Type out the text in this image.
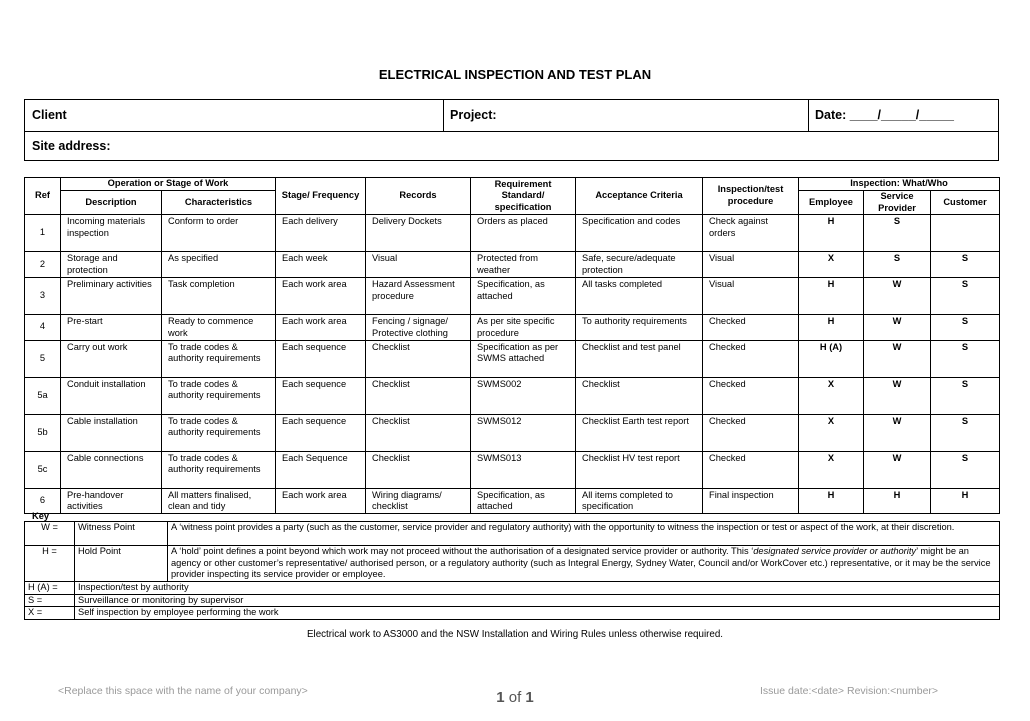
ELECTRICAL INSPECTION AND TEST PLAN
Client	Project:	Date: ____/_____/_____
Site address:
Ref	Operation or Stage of Work		Stage/ Frequency	Records	Requirement Standard/ specification	Acceptance Criteria	Inspection/test procedure	Inspection: What/Who		
	Description	Characteristics						Employee	Service Provider	Customer
1	Incoming materials inspection	Conform to order	Each delivery	Delivery Dockets	Orders as placed	Specification and codes	Check against orders	H	S	
2	Storage and protection	As specified	Each week	Visual	Protected from weather	Safe, secure/adequate protection	Visual	X	S	S
3	Preliminary activities	Task completion	Each work area	Hazard Assessment procedure	Specification, as attached	All tasks completed	Visual	H	W	S
4	Pre-start	Ready to commence work	Each work area	Fencing / signage/ Protective clothing	As per site specific procedure	To authority requirements	Checked	H	W	S
5	Carry out work	To trade codes & authority requirements	Each sequence	Checklist	Specification as per SWMS attached	Checklist and test panel	Checked	H (A)	W	S
5a	Conduit installation	To trade codes & authority requirements	Each sequence	Checklist	SWMS002	Checklist	Checked	X	W	S
5b	Cable installation	To trade codes & authority requirements	Each sequence	Checklist	SWMS012	Checklist Earth test report	Checked	X	W	S
5c	Cable connections	To trade codes & authority requirements	Each Sequence	Checklist	SWMS013	Checklist HV test report	Checked	X	W	S
6	Pre-handover activities	All matters finalised, clean and tidy	Each work area	Wiring diagrams/ checklist	Specification, as attached	All items completed to specification	Final inspection	H	H	H
Key
W =	Witness Point	A ‘witness point provides a party (such as the customer, service provider and regulatory authority) with the opportunity to witness the inspection or test or aspect of the work, at their discretion.
H =	Hold Point	A ‘hold’ point defines a point beyond which work may not proceed without the authorisation of a designated service provider or authority. This ‘designated service provider or authority’ might be an agency or other customer’s representative/ authorised person, or a regulatory authority (such as Integral Energy, Sydney Water, Council and/or WorkCover etc.) representative, or it may be the service provider inspecting its service provider or employee.
H (A) =	Inspection/test by authority	
S =	Surveillance or monitoring by supervisor	
X =	Self inspection by employee performing the work	
Electrical work to AS3000 and the NSW Installation and Wiring Rules unless otherwise required.
<Replace this space with the name of your company>	1 of 1	Issue date:<date> Revision:<number>
